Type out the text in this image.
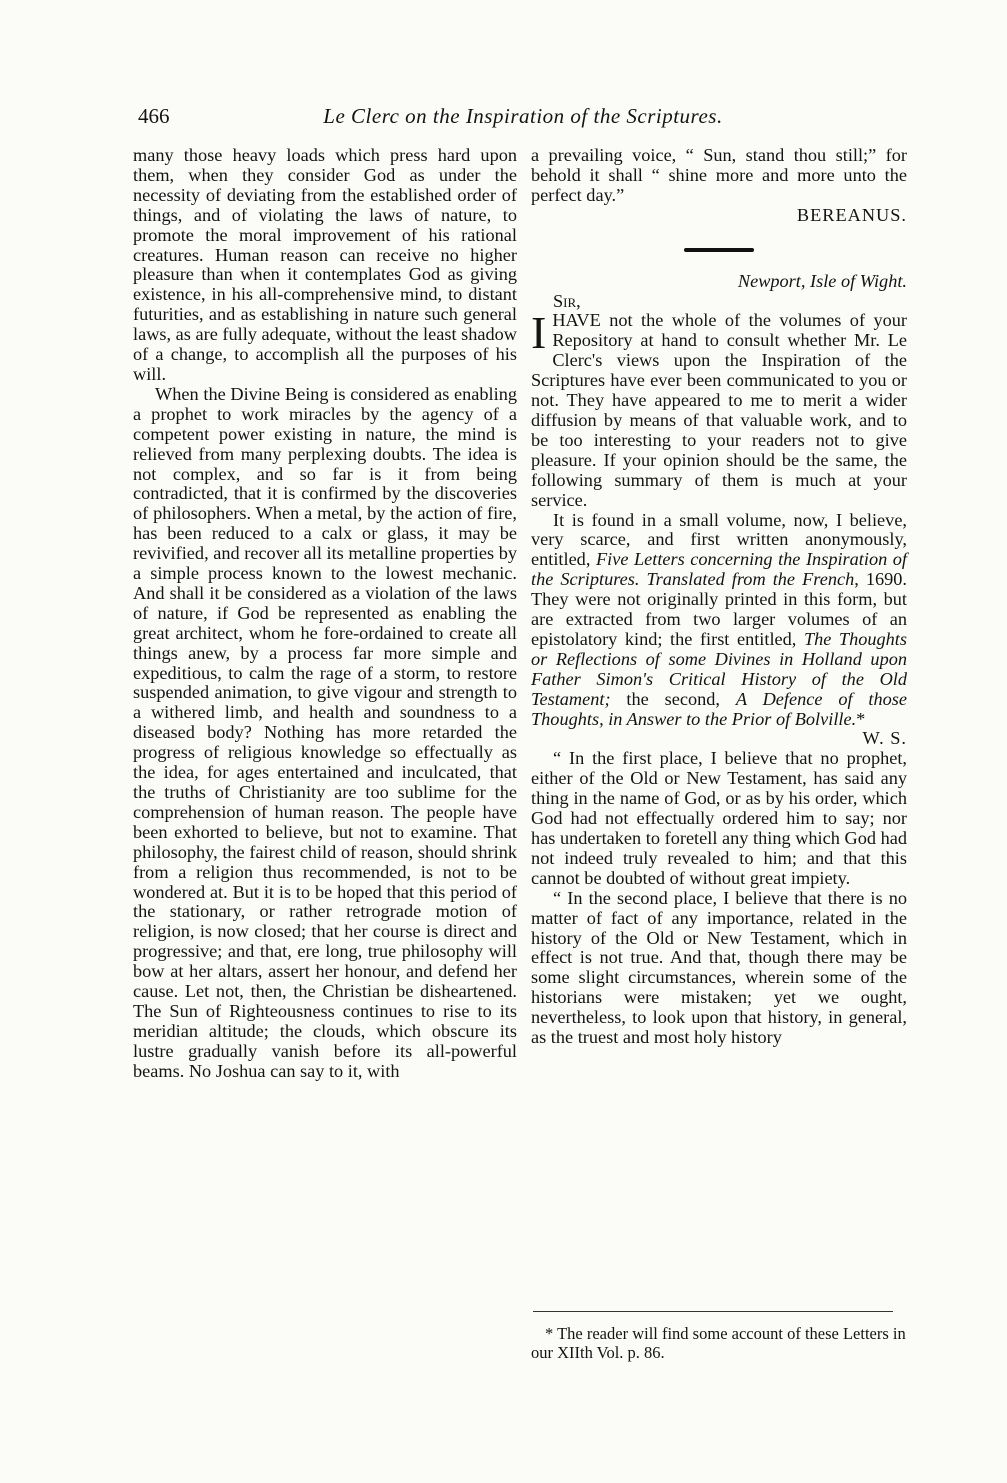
466	Le Clerc on the Inspiration of the Scriptures.

many those heavy loads which press hard upon them, when they consider God as under the necessity of deviating from the established order of things, and of violating the laws of nature, to promote the moral improvement of his rational creatures. Human reason can receive no higher pleasure than when it contemplates God as giving existence, in his all-comprehensive mind, to distant futurities, and as establishing in nature such general laws, as are fully adequate, without the least shadow of a change, to accomplish all the purposes of his will.

When the Divine Being is considered as enabling a prophet to work miracles by the agency of a competent power existing in nature, the mind is relieved from many perplexing doubts. The idea is not complex, and so far is it from being contradicted, that it is confirmed by the discoveries of philosophers. When a metal, by the action of fire, has been reduced to a calx or glass, it may be revivified, and recover all its metalline properties by a simple process known to the lowest mechanic. And shall it be considered as a violation of the laws of nature, if God be represented as enabling the great architect, whom he fore-ordained to create all things anew, by a process far more simple and expeditious, to calm the rage of a storm, to restore suspended animation, to give vigour and strength to a withered limb, and health and soundness to a diseased body? Nothing has more retarded the progress of religious knowledge so effectually as the idea, for ages entertained and inculcated, that the truths of Christianity are too sublime for the comprehension of human reason. The people have been exhorted to believe, but not to examine. That philosophy, the fairest child of reason, should shrink from a religion thus recommended, is not to be wondered at. But it is to be hoped that this period of the stationary, or rather retrograde motion of religion, is now closed; that her course is direct and progressive; and that, ere long, true philosophy will bow at her altars, assert her honour, and defend her cause. Let not, then, the Christian be disheartened. The Sun of Righteousness continues to rise to its meridian altitude; the clouds, which obscure its lustre gradually vanish before its all-powerful beams. No Joshua can say to it, with

a prevailing voice, “ Sun, stand thou still;” for behold it shall “ shine more and more unto the perfect day.”

BEREANUS.

Newport, Isle of Wight.

Sir,

IHAVE not the whole of the volumes of your Repository at hand to consult whether Mr. Le Clerc's views upon the Inspiration of the Scriptures have ever been communicated to you or not. They have appeared to me to merit a wider diffusion by means of that valuable work, and to be too interesting to your readers not to give pleasure. If your opinion should be the same, the following summary of them is much at your service.

It is found in a small volume, now, I believe, very scarce, and first written anonymously, entitled, Five Letters concerning the Inspiration of the Scriptures. Translated from the French, 1690. They were not originally printed in this form, but are extracted from two larger volumes of an epistolatory kind; the first entitled, The Thoughts or Reflections of some Divines in Holland upon Father Simon's Critical History of the Old Testament; the second, A Defence of those Thoughts, in Answer to the Prior of Bolville.*

W. S.

“ In the first place, I believe that no prophet, either of the Old or New Testament, has said any thing in the name of God, or as by his order, which God had not effectually ordered him to say; nor has undertaken to foretell any thing which God had not indeed truly revealed to him; and that this cannot be doubted of without great impiety.

“ In the second place, I believe that there is no matter of fact of any importance, related in the history of the Old or New Testament, which in effect is not true. And that, though there may be some slight circumstances, wherein some of the historians were mistaken; yet we ought, nevertheless, to look upon that history, in general, as the truest and most holy history

* The reader will find some account of these Letters in our XIIth Vol. p. 86.
